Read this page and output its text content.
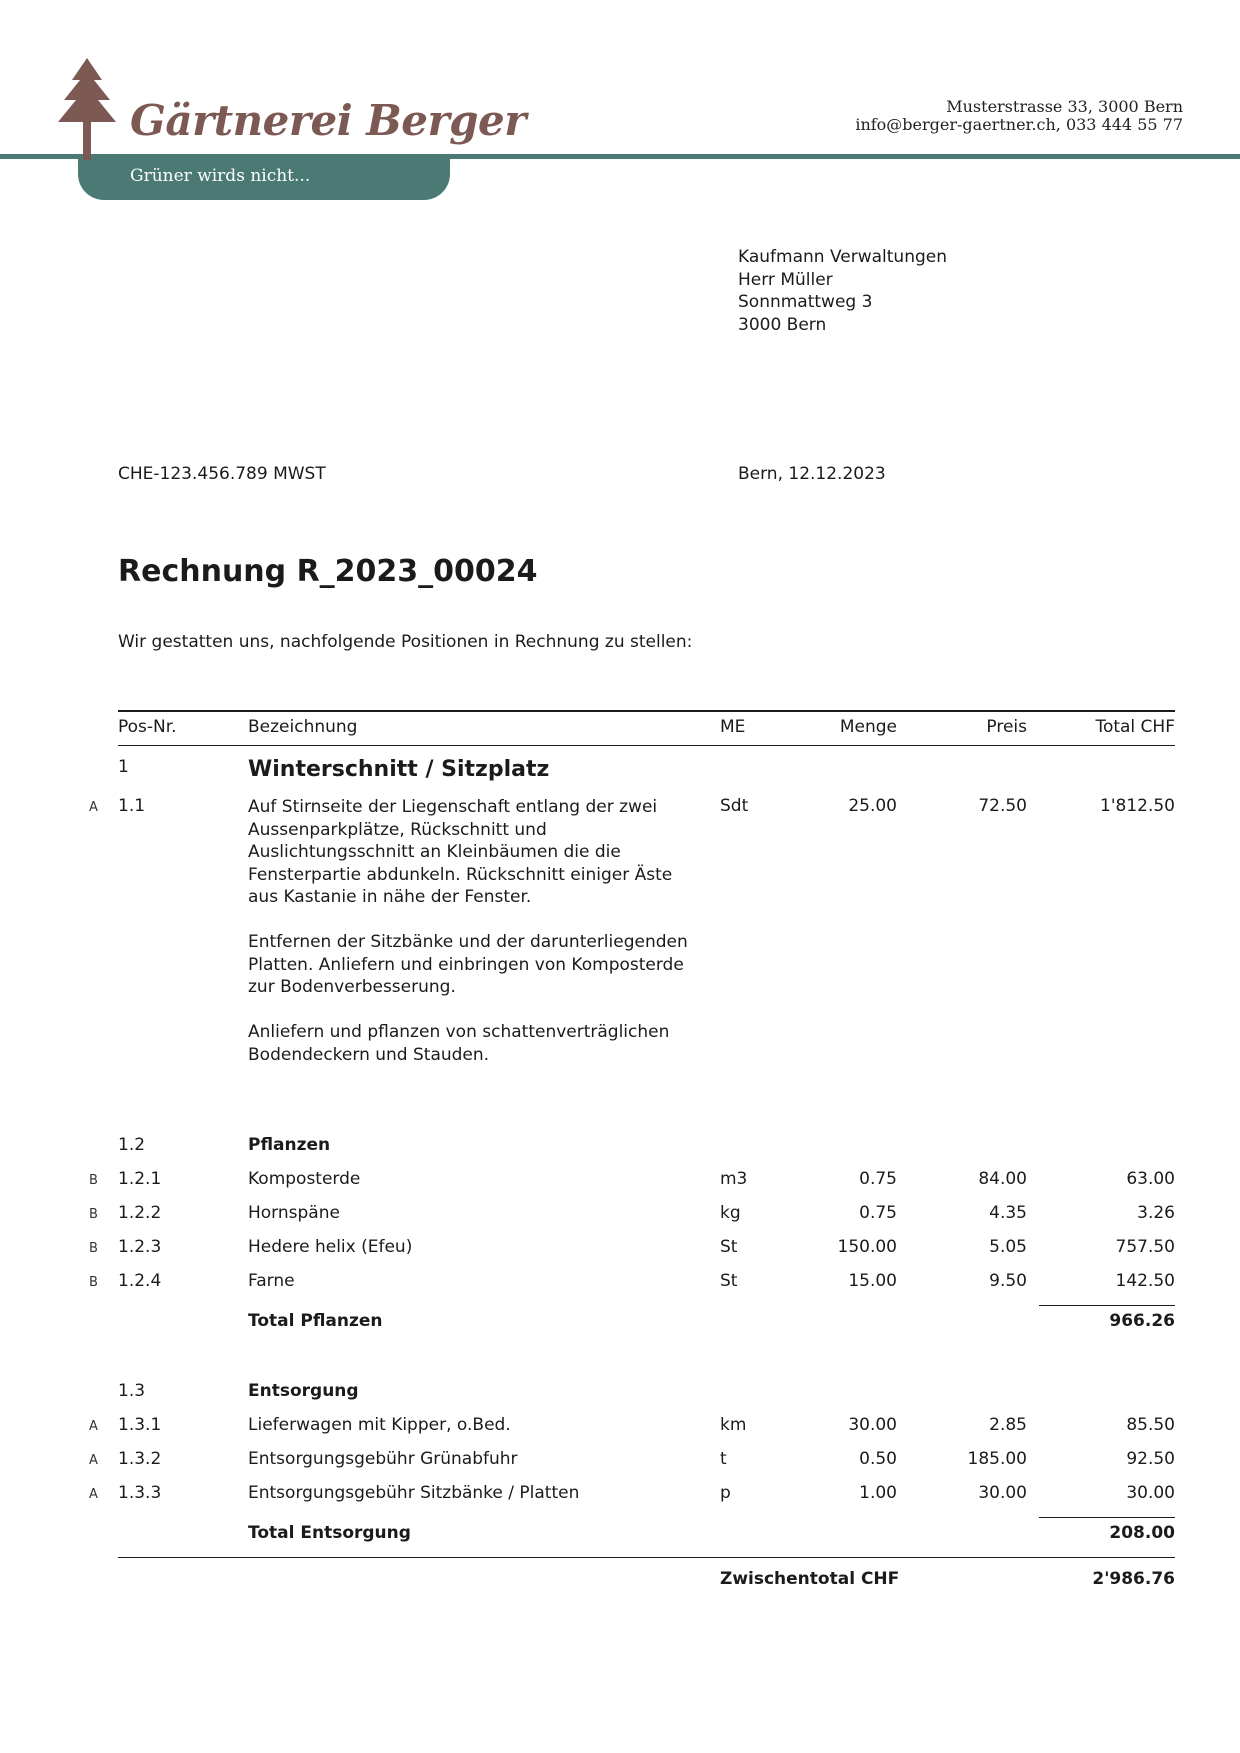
Grüner wirds nicht...
Gärtnerei Berger	Musterstrasse 33, 3000 Bern
info@berger-gaertner.ch, 033 444 55 77
Kaufmann Verwaltungen
Herr Müller
Sonnmattweg 3
3000 Bern
CHE-123.456.789 MWST	Bern, 12.12.2023
Rechnung R_2023_00024
Wir gestatten uns, nachfolgende Positionen in Rechnung zu stellen:
Pos-Nr.	Bezeichnung	ME	Menge	Preis	Total CHF
1	Winterschnitt / Sitzplatz
A 1.1	Auf Stirnseite der Liegenschaft entlang der zwei Aussenparkplätze, Rückschnitt und Auslichtungsschnitt an Kleinbäumen die die Fensterpartie abdunkeln. Rückschnitt einiger Äste aus Kastanie in nähe der Fenster.

Entfernen der Sitzbänke und der darunterliegenden Platten. Anliefern und einbringen von Komposterde zur Bodenverbesserung.

Anliefern und pflanzen von schattenverträglichen Bodendeckern und Stauden.

Sdt	25.00	72.50	1'812.50
1.2	Pflanzen
B 1.2.1	Komposterde	m3	0.75	84.00	63.00
B 1.2.2	Hornspäne	kg	0.75	4.35	3.26
B 1.2.3	Hedere helix (Efeu)	St	150.00	5.05	757.50
B 1.2.4	Farne	St	15.00	9.50	142.50
Total Pflanzen	966.26
1.3	Entsorgung
A 1.3.1	Lieferwagen mit Kipper, o.Bed.	km	30.00	2.85	85.50
A 1.3.2	Entsorgungsgebühr Grünabfuhr	t	0.50	185.00	92.50
A 1.3.3	Entsorgungsgebühr Sitzbänke / Platten	p	1.00	30.00	30.00
Total Entsorgung	208.00
Zwischentotal CHF	2'986.76
